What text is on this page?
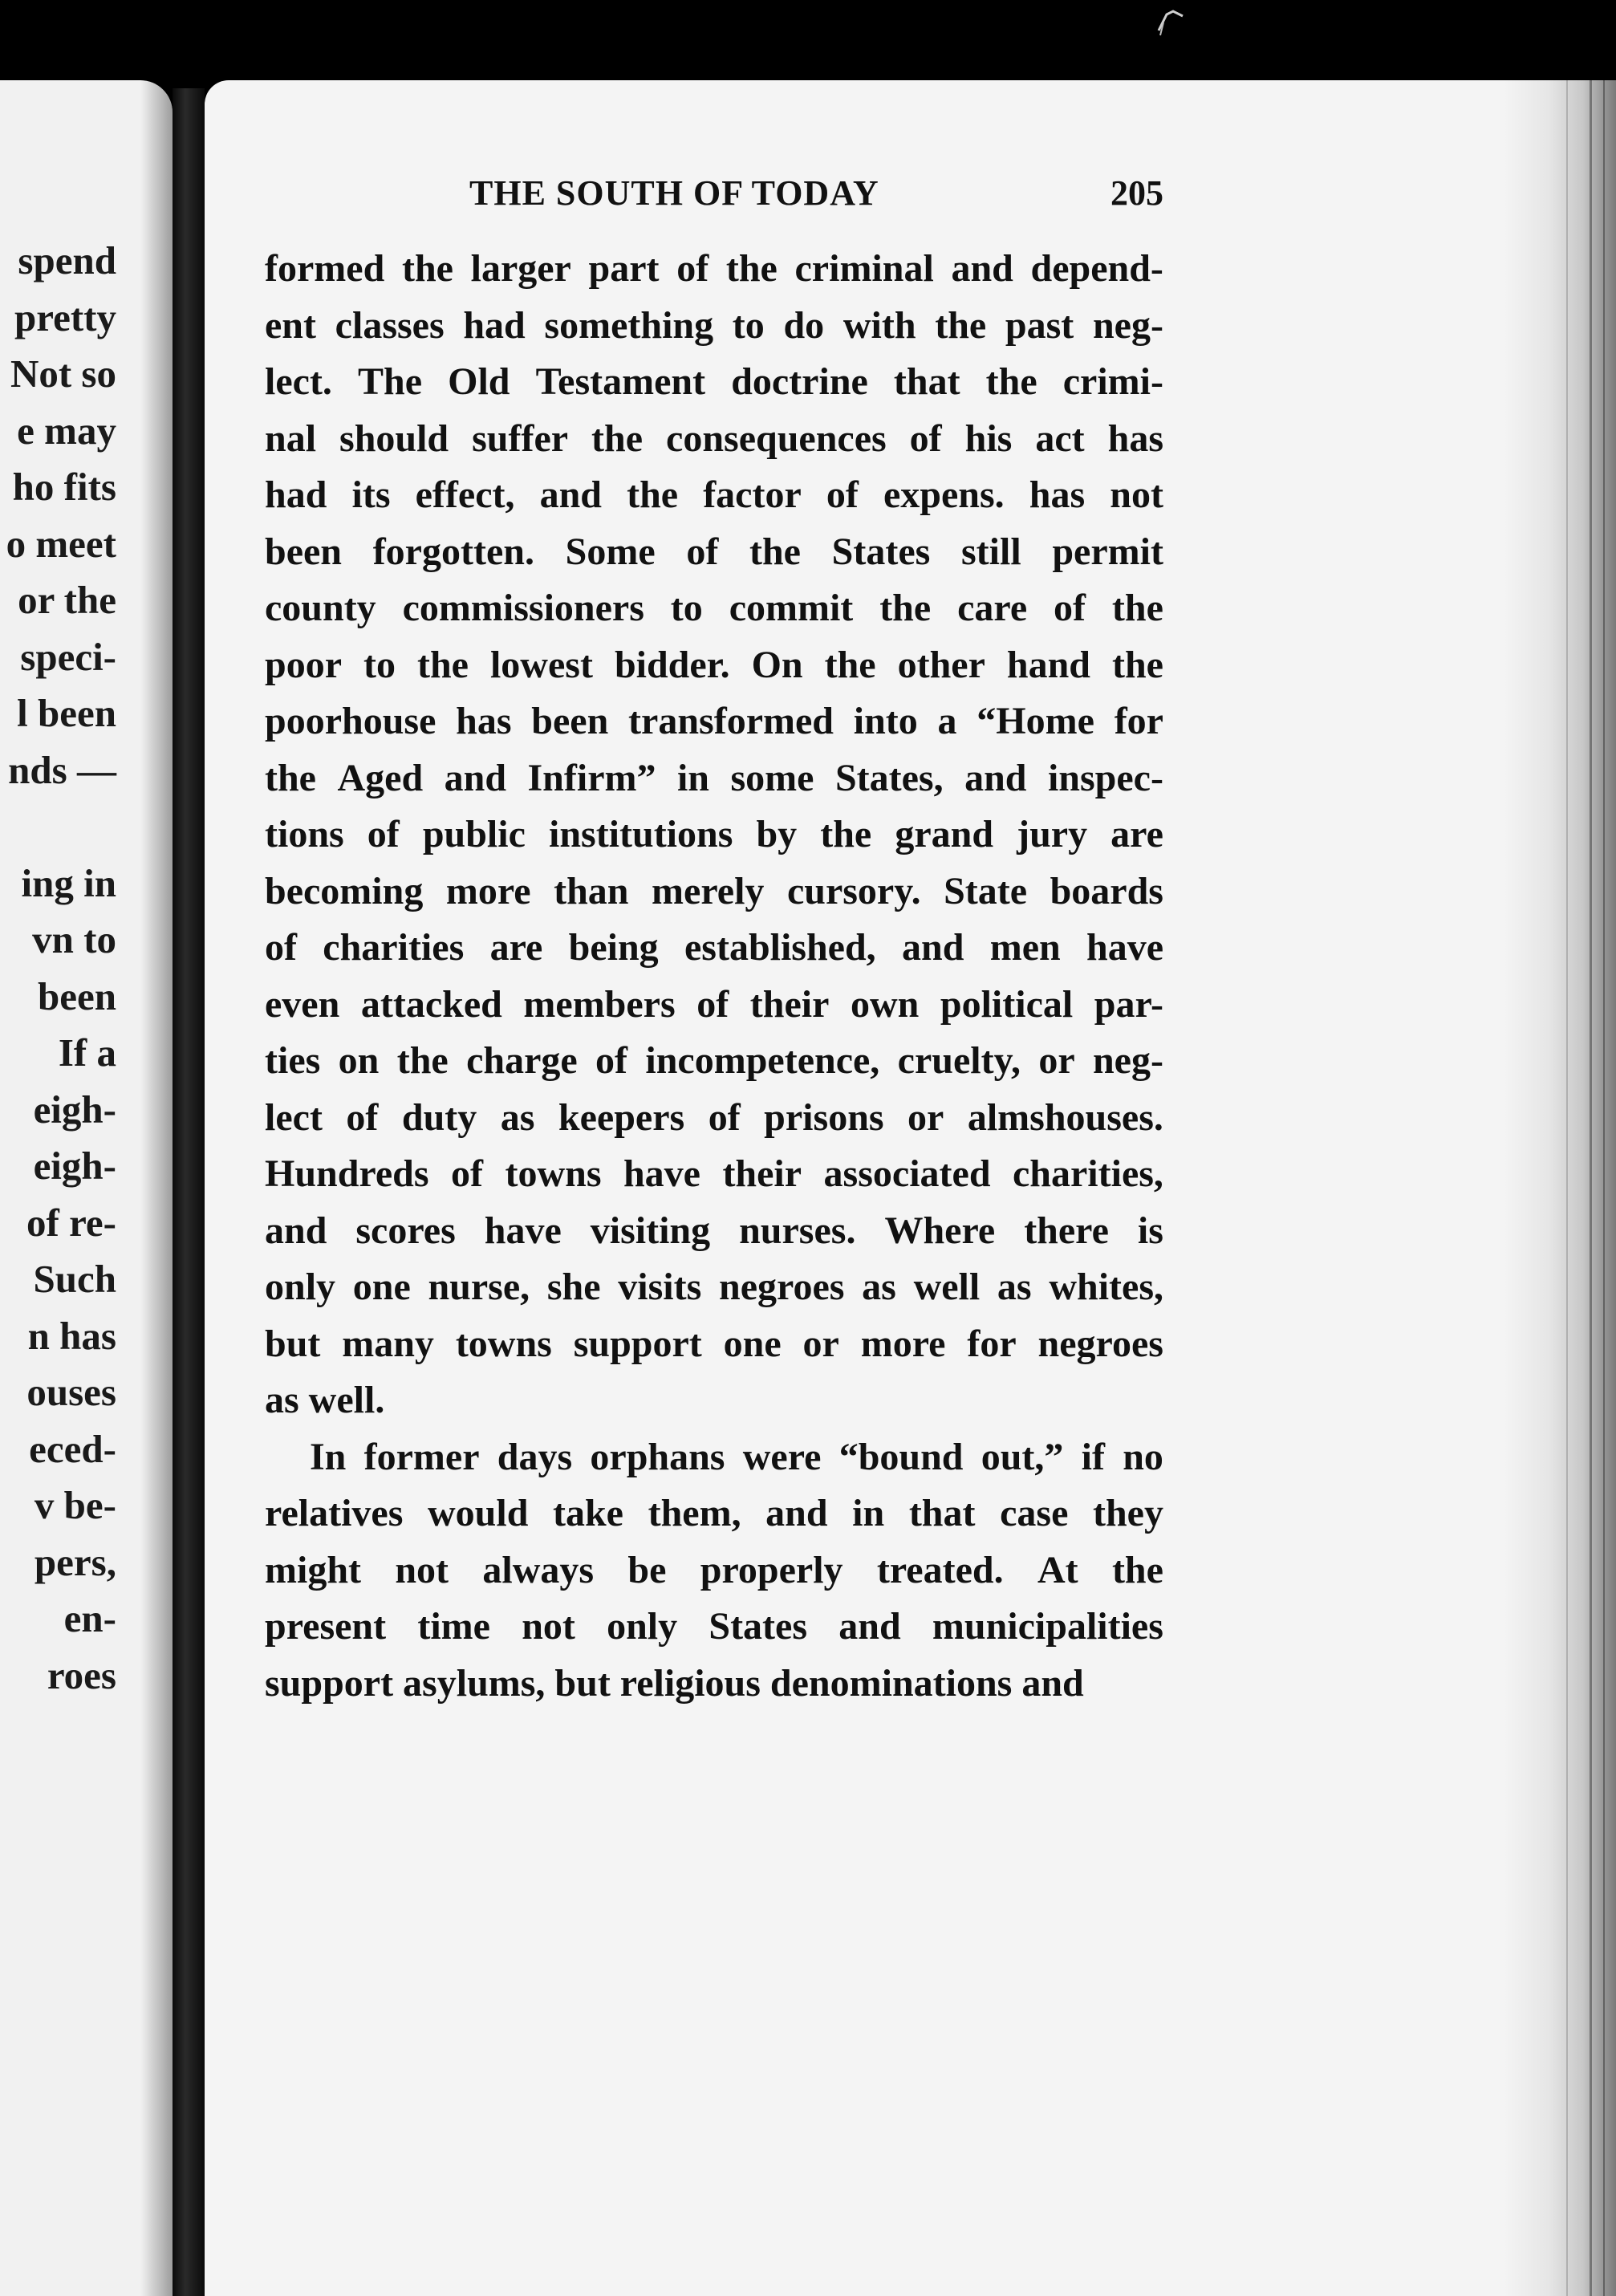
spend
pretty
Not so
e may
ho fits
o meet
or the
speci-
l been
nds —
ing in
vn to
been
If a
eigh-
eigh-
of re-
Such
n has
ouses
eced-
v be-
pers,
en-
roes
THE SOUTH OF TODAY	205
formed the larger part of the criminal and depend-
ent classes had something to do with the past neg-
lect. The Old Testament doctrine that the crimi-
nal should suffer the consequences of his act has
had its effect, and the factor of expens. has not
been forgotten. Some of the States still permit
county commissioners to commit the care of the
poor to the lowest bidder. On the other hand the
poorhouse has been transformed into a “Home for
the Aged and Infirm” in some States, and inspec-
tions of public institutions by the grand jury are
becoming more than merely cursory. State boards
of charities are being established, and men have
even attacked members of their own political par-
ties on the charge of incompetence, cruelty, or neg-
lect of duty as keepers of prisons or almshouses.
Hundreds of towns have their associated charities,
and scores have visiting nurses. Where there is
only one nurse, she visits negroes as well as whites,
but many towns support one or more for negroes
as well.
In former days orphans were “bound out,” if no
relatives would take them, and in that case they
might not always be properly treated. At the
present time not only States and municipalities
support asylums, but religious denominations and
